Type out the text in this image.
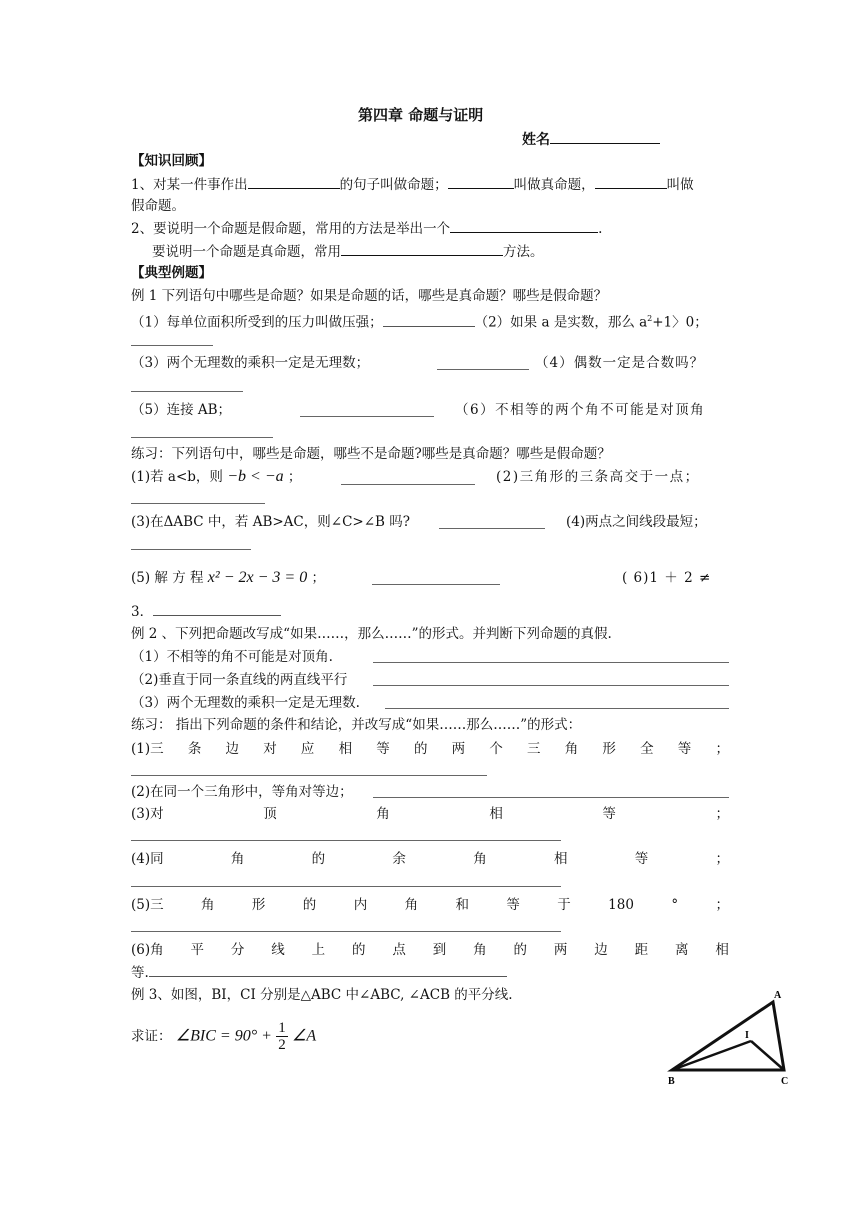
第四章 命题与证明
姓名
【知识回顾】
1、对某一件事作出	的句子叫做命题；	叫做真命题，	叫做
假命题。
2、要说明一个命题是假命题，常用的方法是举出一个	.
要说明一个命题是真命题，常用	方法。
【典型例题】
例 1 下列语句中哪些是命题？如果是命题的话，哪些是真命题？哪些是假命题？
（1）每单位面积所受到的压力叫做压强；	（2）如果 a 是实数，那么 $a^2+1$〉0；
（3）两个无理数的乘积一定是无理数；	（4）偶数一定是合数吗？
（5）连接 AB；	（6）不相等的两个角不可能是对顶角
练习：下列语句中，哪些是命题，哪些不是命题?哪些是真命题？哪些是假命题？
(1)若 a<b，则 −b < −a ；	(2)三角形的三条高交于一点；
(3)在ΔABC 中，若 AB>AC，则∠C>∠B 吗?	(4)两点之间线段最短；
(5) 解 方 程 x² − 2x − 3 = 0 ；	( 6)1 ＋ 2 ≠
3．
例 2 、下列把命题改写成“如果……，那么……”的形式。并判断下列命题的真假.
（1）不相等的角不可能是对顶角.
（2)垂直于同一条直线的两直线平行
（3）两个无理数的乘积一定是无理数.
练习： 指出下列命题的条件和结论，并改写成“如果……那么……”的形式：
(1)三 条 边 对 应 相 等 的 两 个 三 角 形 全 等 ；
(2)在同一个三角形中，等角对等边；
(3)对	顶	角	相	等	；
(4)同	角	的	余	角	相	等	；
(5)三	角	形	的	内	角	和	等	于	180	°	；
(6)角 平 分 线 上 的 点 到 角 的 两 边 距 离 相
等.
例 3、如图，BI，CI 分别是△ABC 中∠ABC, ∠ACB 的平分线.
求证： ∠BIC = $90^\circ + \frac{1}{2}$ ∠A
A
B	C
I
